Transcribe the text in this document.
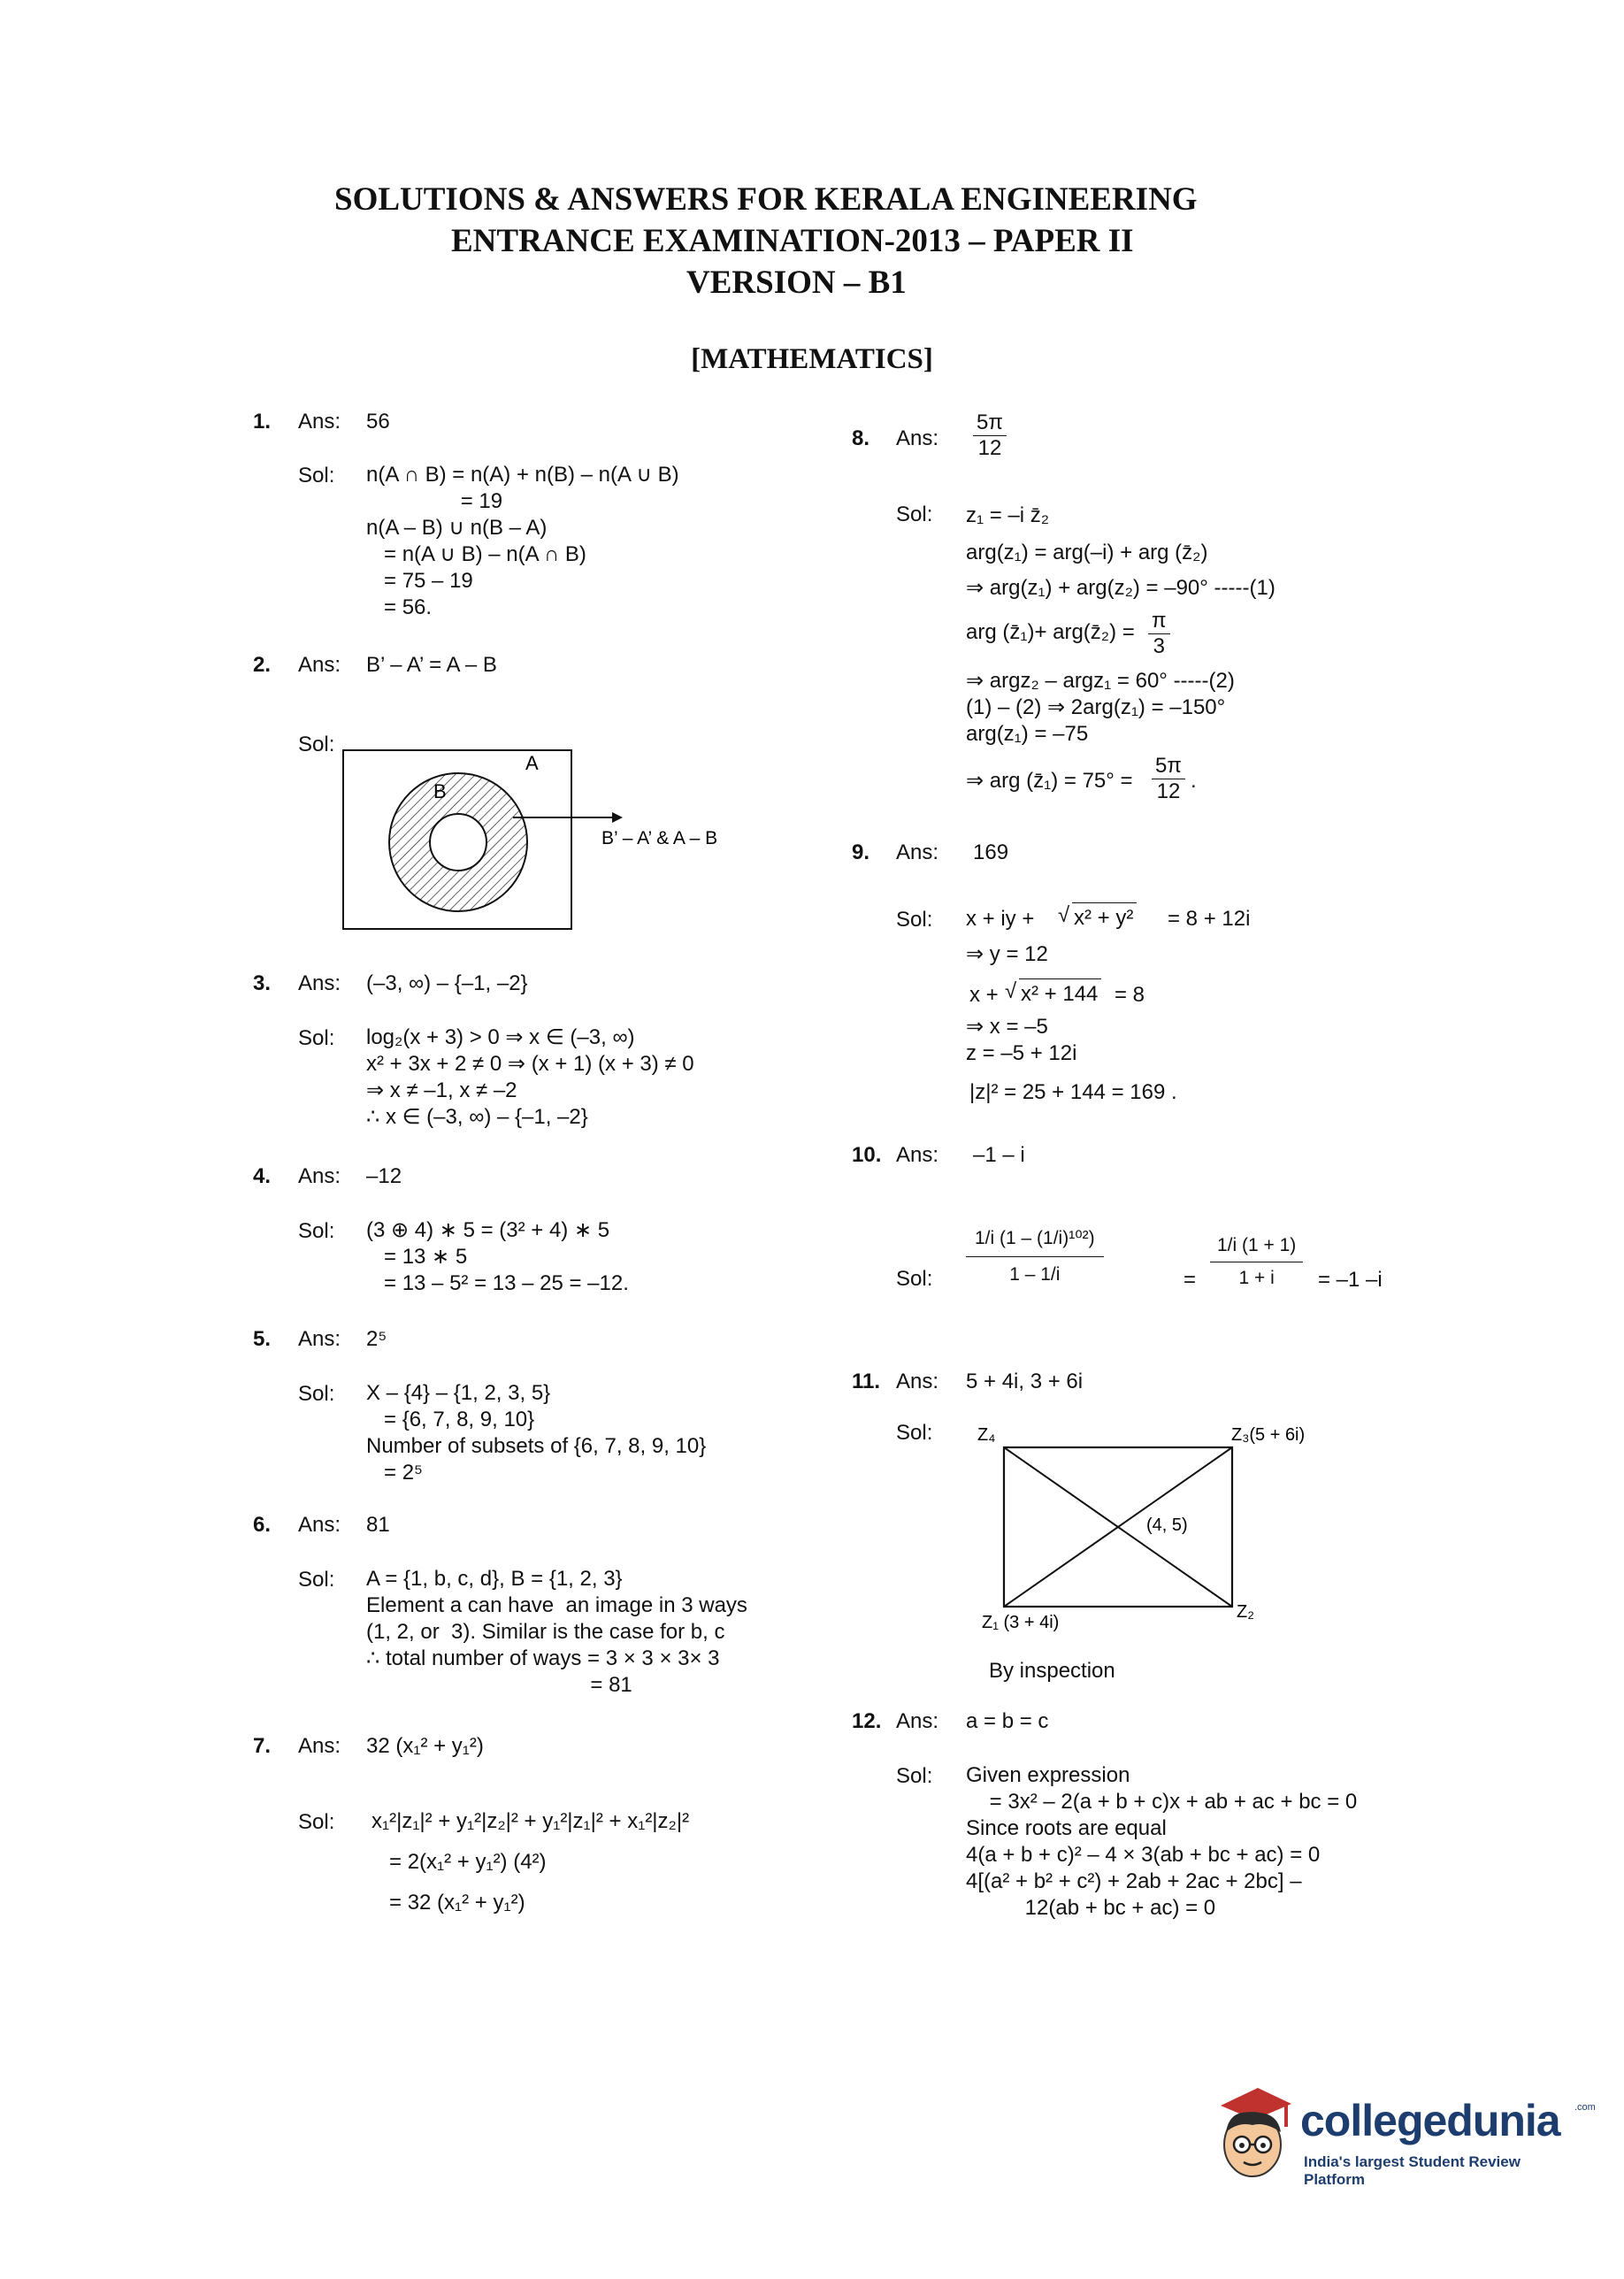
SOLUTIONS & ANSWERS FOR KERALA ENGINEERING
ENTRANCE EXAMINATION-2013 – PAPER II
VERSION – B1
[MATHEMATICS]
1. Ans: 56
Sol: n(A ∩ B) = n(A) + n(B) – n(A ∪ B)
= 19
n(A – B) ∪ n(B – A)
= n(A ∪ B) – n(A ∩ B)
= 75 – 19
= 56.
2. Ans: B’ – A’ = A – B
Sol:
A
B
B’ – A’ & A – B
3. Ans: (–3, ∞) – {–1, –2}
Sol: log₂(x + 3) > 0 ⇒ x ∈ (–3, ∞)
x² + 3x + 2 ≠ 0 ⇒ (x + 1) (x + 3) ≠ 0
⇒ x ≠ –1, x ≠ –2
∴ x ∈ (–3, ∞) – {–1, –2}
4. Ans: –12
Sol: (3 ⊕ 4) ∗ 5 = (3² + 4) ∗ 5
= 13 ∗ 5
= 13 – 5² = 13 – 25 = –12.
5. Ans: 2⁵
Sol: X – {4} – {1, 2, 3, 5}
= {6, 7, 8, 9, 10}
Number of subsets of {6, 7, 8, 9, 10}
= 2⁵
6. Ans: 81
Sol: A = {1, b, c, d}, B = {1, 2, 3}
Element a can have  an image in 3 ways
(1, 2, or  3). Similar is the case for b, c
∴ total number of ways = 3 × 3 × 3× 3
= 81
7. Ans: 32 (x₁² + y₁²)
Sol: x₁²|z₁|² + y₁²|z₂|² + y₁²|z₁|² + x₁²|z₂|²
= 2(x₁² + y₁²) (4²)
= 32 (x₁² + y₁²)
8. Ans: $\frac{5\pi}{12}$
Sol: z₁ = –i z̄₂
arg(z₁) = arg(–i) + arg (z̄₂)
⇒ arg(z₁) + arg(z₂) = –90° -----(1)
arg (z̄₁)+ arg(z̄₂) = $\frac{\pi}{3}$
⇒ argz₂ – argz₁ = 60° -----(2)
(1) – (2) ⇒ 2arg(z₁) = –150°
arg(z₁) = –75
⇒ arg (z̄₁) = $75^\circ = \frac{5\pi}{12}$ .
9. Ans: 169
Sol: x + iy + √ x² + y² = 8 + 12i
⇒ y = 12
x + √ x² + 144 = 8
⇒ x = –5
z = –5 + 12i
|z|² = 25 + 144 = 169 .
10. Ans: –1 – i
Sol: $\frac{\text{1/i (1 – (1/i)¹⁰²)}}{1 - 1/i}$	= $\frac{1/i (1 + 1)}{1 + i} = -1$ –i
11. Ans: 5 + 4i, 3 + 6i
Sol:	Z₄	Z₃(5 + 6i)
(4, 5)
Z₁ (3 + 4i)
Z₂
By inspection
12. Ans: a = b = c
Sol: Given expression
= 3x² – 2(a + b + c)x + ab + ac + bc = 0
Since roots are equal
4(a + b + c)² – 4 × 3(ab + bc + ac) = 0
4[(a² + b² + c²) + 2ab + 2ac + 2bc] –
12(ab + bc + ac) = 0
collegedunia .com
India's largest Student Review Platform
